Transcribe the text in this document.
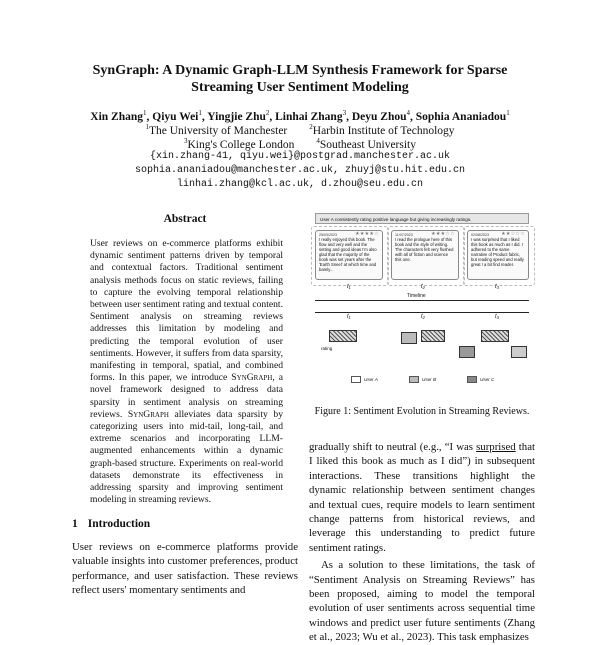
SynGraph: A Dynamic Graph-LLM Synthesis Framework for Sparse
Streaming User Sentiment Modeling
Xin Zhang$^1$, Qiyu Wei$^1$, Yingjie Zhu$^2$, Linhai Zhang$^3$, Deyu Zhou$^4$, Sophia Ananiadou$^1$
$^1$The University of Manchester	$^2$Harbin Institute of Technology
$^3$King's College London	$^4$Southeast University
{xin.zhang-41, qiyu.wei}@postgrad.manchester.ac.uk
sophia.ananiadou@manchester.ac.uk, zhuyj@stu.hit.edu.cn
linhai.zhang@kcl.ac.uk, d.zhou@seu.edu.cn
Abstract
User reviews on e-commerce platforms exhibit dynamic sentiment patterns driven by temporal and contextual factors. Traditional sentiment analysis methods focus on static reviews, failing to capture the evolving temporal relationship between user sentiment rating and textual content. Sentiment analysis on streaming reviews addresses this limitation by modeling and predicting the temporal evolution of user sentiments. However, it suffers from data sparsity, manifesting in temporal, spatial, and combined forms. In this paper, we introduce SynGraph, a novel framework designed to address data sparsity in sentiment analysis on streaming reviews. SynGraph alleviates data sparsity by categorizing users into mid-tail, long-tail, and extreme scenarios and incorporating LLM-augmented enhancements within a dynamic graph-based structure. Experiments on real-world datasets demonstrate its effectiveness in addressing sparsity and improving sentiment modeling in streaming reviews.
1 Introduction
User reviews on e-commerce platforms provide valuable insights into customer preferences, product performance, and user satisfaction. These reviews reflect users' momentary sentiments and
User A consistently rating positive language but giving increasingly ratings.
25/03/2023	★★★★☆
I really enjoyed this book. The flow and very well and the setting and good ideas I'm also glad that the majority of the book was set years after the 'Earth Sneel' at which time and barely...
11/07/2023	★★★☆☆
I read the prologue here of this book and the style of writing. The characters felt very flushed with all of fiction and science this one.
02/08/2023 ★★☆☆☆
I was surprised that I liked this book as much as I did. I adhered to the same narrative of Product fabric, but reading speed and really great ! a bit find reader.
t₁	t₂	t₃
Timeline
t₁	t₂	t₃
rating
User A	User B	User C
Figure 1: Sentiment Evolution in Streaming Reviews.

gradually shift to neutral (e.g., “I was surprised that I liked this book as much as I did”) in subsequent interactions. These transitions highlight the dynamic relationship between sentiment changes and textual cues, require models to learn sentiment change patterns from historical reviews, and leverage this understanding to predict future sentiment ratings.

As a solution to these limitations, the task of “Sentiment Analysis on Streaming Reviews” has been proposed, aiming to model the temporal evolution of user sentiments across sequential time windows and predict user future sentiments (Zhang et al., 2023; Wu et al., 2023). This task emphasizes
